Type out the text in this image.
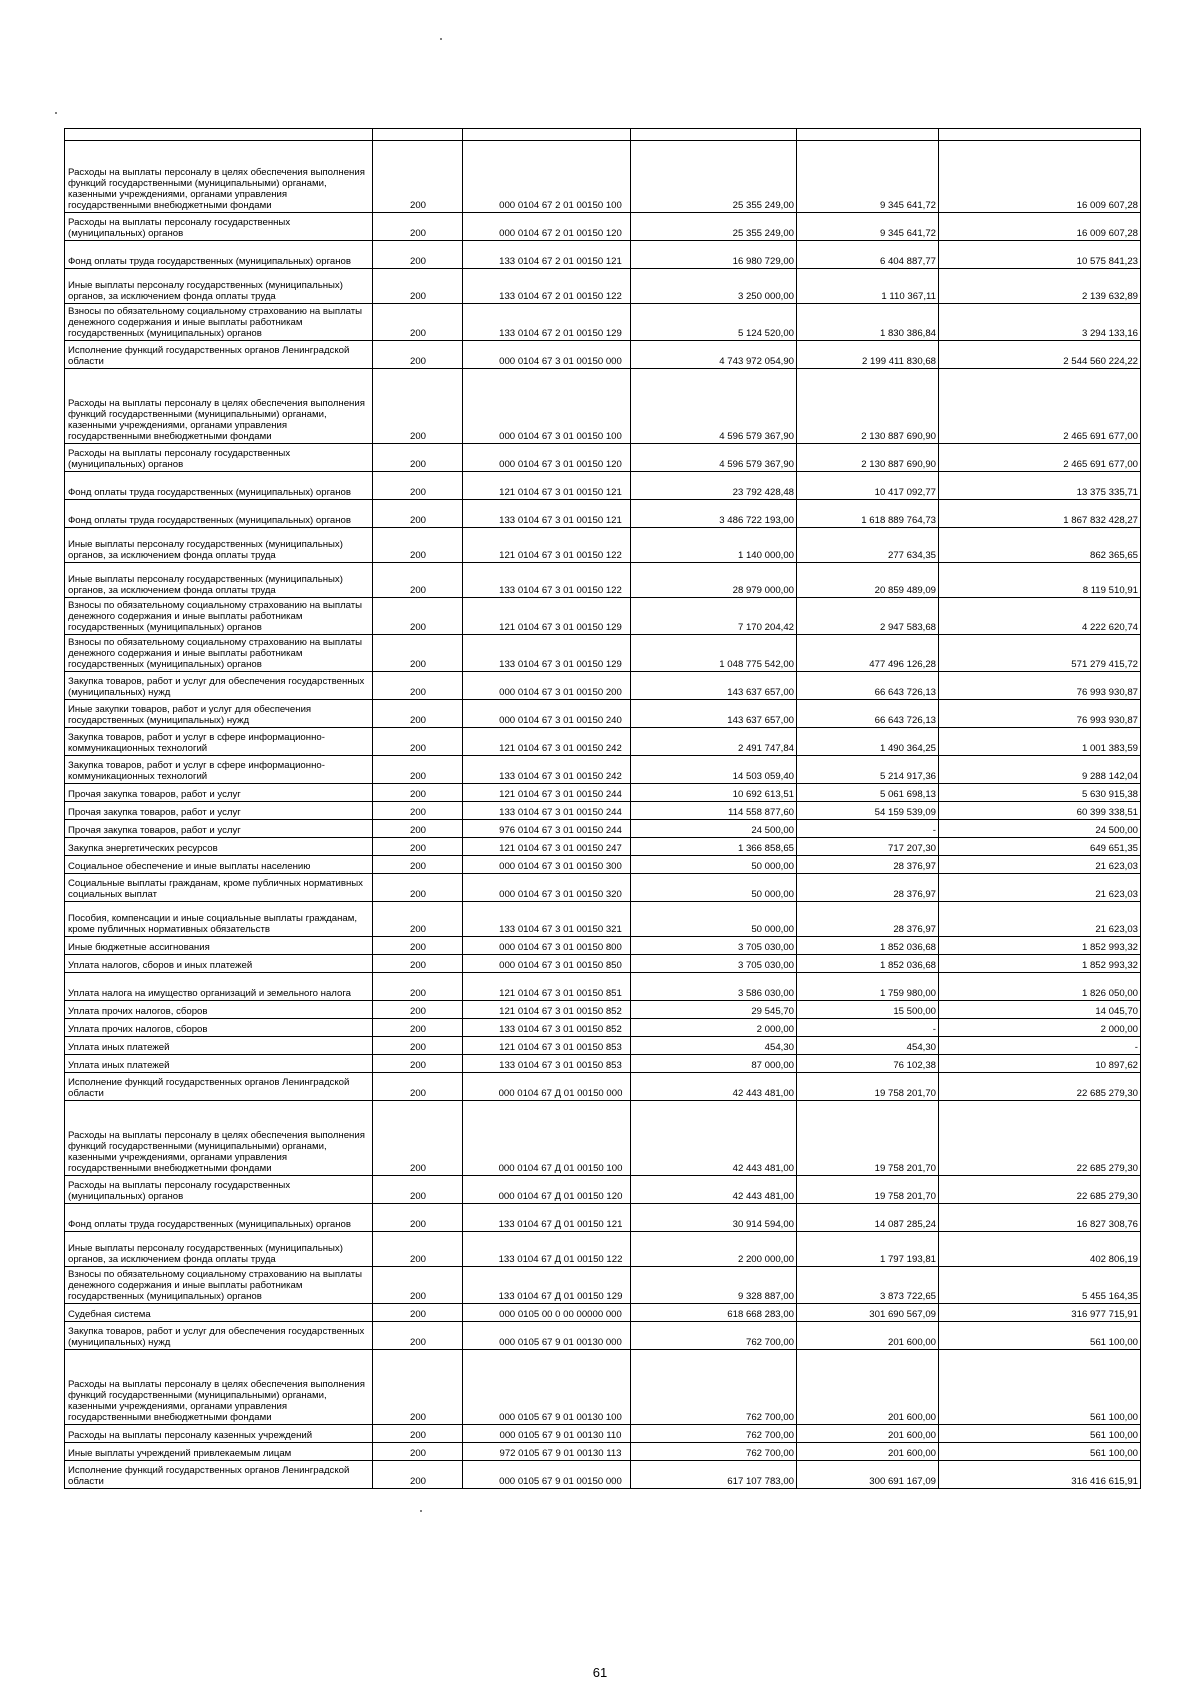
Расходы на выплаты персоналу в целях обеспечения выполнения функций государственными (муниципальными) органами, казенными учреждениями, органами управления государственными внебюджетными фондами	200	000 0104 67 2 01 00150 100	25 355 249,00	9 345 641,72	16 009 607,28
Расходы на выплаты персоналу государственных (муниципальных) органов	200	000 0104 67 2 01 00150 120	25 355 249,00	9 345 641,72	16 009 607,28
Фонд оплаты труда государственных (муниципальных) органов	200	133 0104 67 2 01 00150 121	16 980 729,00	6 404 887,77	10 575 841,23
Иные выплаты персоналу государственных (муниципальных) органов, за исключением фонда оплаты труда	200	133 0104 67 2 01 00150 122	3 250 000,00	1 110 367,11	2 139 632,89
Взносы по обязательному социальному страхованию на выплаты денежного содержания и иные выплаты работникам государственных (муниципальных) органов	200	133 0104 67 2 01 00150 129	5 124 520,00	1 830 386,84	3 294 133,16
Исполнение функций государственных органов Ленинградской области	200	000 0104 67 3 01 00150 000	4 743 972 054,90	2 199 411 830,68	2 544 560 224,22
Расходы на выплаты персоналу в целях обеспечения выполнения функций государственными (муниципальными) органами, казенными учреждениями, органами управления государственными внебюджетными фондами	200	000 0104 67 3 01 00150 100	4 596 579 367,90	2 130 887 690,90	2 465 691 677,00
Расходы на выплаты персоналу государственных (муниципальных) органов	200	000 0104 67 3 01 00150 120	4 596 579 367,90	2 130 887 690,90	2 465 691 677,00
Фонд оплаты труда государственных (муниципальных) органов	200	121 0104 67 3 01 00150 121	23 792 428,48	10 417 092,77	13 375 335,71
Фонд оплаты труда государственных (муниципальных) органов	200	133 0104 67 3 01 00150 121	3 486 722 193,00	1 618 889 764,73	1 867 832 428,27
Иные выплаты персоналу государственных (муниципальных) органов, за исключением фонда оплаты труда	200	121 0104 67 3 01 00150 122	1 140 000,00	277 634,35	862 365,65
Иные выплаты персоналу государственных (муниципальных) органов, за исключением фонда оплаты труда	200	133 0104 67 3 01 00150 122	28 979 000,00	20 859 489,09	8 119 510,91
Взносы по обязательному социальному страхованию на выплаты денежного содержания и иные выплаты работникам государственных (муниципальных) органов	200	121 0104 67 3 01 00150 129	7 170 204,42	2 947 583,68	4 222 620,74
Взносы по обязательному социальному страхованию на выплаты денежного содержания и иные выплаты работникам государственных (муниципальных) органов	200	133 0104 67 3 01 00150 129	1 048 775 542,00	477 496 126,28	571 279 415,72
Закупка товаров, работ и услуг для обеспечения государственных (муниципальных) нужд	200	000 0104 67 3 01 00150 200	143 637 657,00	66 643 726,13	76 993 930,87
Иные закупки товаров, работ и услуг для обеспечения государственных (муниципальных) нужд	200	000 0104 67 3 01 00150 240	143 637 657,00	66 643 726,13	76 993 930,87
Закупка товаров, работ и услуг в сфере информационно-коммуникационных технологий	200	121 0104 67 3 01 00150 242	2 491 747,84	1 490 364,25	1 001 383,59
Закупка товаров, работ и услуг в сфере информационно-коммуникационных технологий	200	133 0104 67 3 01 00150 242	14 503 059,40	5 214 917,36	9 288 142,04
Прочая закупка товаров, работ и услуг	200	121 0104 67 3 01 00150 244	10 692 613,51	5 061 698,13	5 630 915,38
Прочая закупка товаров, работ и услуг	200	133 0104 67 3 01 00150 244	114 558 877,60	54 159 539,09	60 399 338,51
Прочая закупка товаров, работ и услуг	200	976 0104 67 3 01 00150 244	24 500,00	-	24 500,00
Закупка энергетических ресурсов	200	121 0104 67 3 01 00150 247	1 366 858,65	717 207,30	649 651,35
Социальное обеспечение и иные выплаты населению	200	000 0104 67 3 01 00150 300	50 000,00	28 376,97	21 623,03
Социальные выплаты гражданам, кроме публичных нормативных социальных выплат	200	000 0104 67 3 01 00150 320	50 000,00	28 376,97	21 623,03
Пособия, компенсации и иные социальные выплаты гражданам, кроме публичных нормативных обязательств	200	133 0104 67 3 01 00150 321	50 000,00	28 376,97	21 623,03
Иные бюджетные ассигнования	200	000 0104 67 3 01 00150 800	3 705 030,00	1 852 036,68	1 852 993,32
Уплата налогов, сборов и иных платежей	200	000 0104 67 3 01 00150 850	3 705 030,00	1 852 036,68	1 852 993,32
Уплата налога на имущество организаций и земельного налога	200	121 0104 67 3 01 00150 851	3 586 030,00	1 759 980,00	1 826 050,00
Уплата прочих налогов, сборов	200	121 0104 67 3 01 00150 852	29 545,70	15 500,00	14 045,70
Уплата прочих налогов, сборов	200	133 0104 67 3 01 00150 852	2 000,00	-	2 000,00
Уплата иных платежей	200	121 0104 67 3 01 00150 853	454,30	454,30	-
Уплата иных платежей	200	133 0104 67 3 01 00150 853	87 000,00	76 102,38	10 897,62
Исполнение функций государственных органов Ленинградской области	200	000 0104 67 Д 01 00150 000	42 443 481,00	19 758 201,70	22 685 279,30
Расходы на выплаты персоналу в целях обеспечения выполнения функций государственными (муниципальными) органами, казенными учреждениями, органами управления государственными внебюджетными фондами	200	000 0104 67 Д 01 00150 100	42 443 481,00	19 758 201,70	22 685 279,30
Расходы на выплаты персоналу государственных (муниципальных) органов	200	000 0104 67 Д 01 00150 120	42 443 481,00	19 758 201,70	22 685 279,30
Фонд оплаты труда государственных (муниципальных) органов	200	133 0104 67 Д 01 00150 121	30 914 594,00	14 087 285,24	16 827 308,76
Иные выплаты персоналу государственных (муниципальных) органов, за исключением фонда оплаты труда	200	133 0104 67 Д 01 00150 122	2 200 000,00	1 797 193,81	402 806,19
Взносы по обязательному социальному страхованию на выплаты денежного содержания и иные выплаты работникам государственных (муниципальных) органов	200	133 0104 67 Д 01 00150 129	9 328 887,00	3 873 722,65	5 455 164,35
Судебная система	200	000 0105 00 0 00 00000 000	618 668 283,00	301 690 567,09	316 977 715,91
Закупка товаров, работ и услуг для обеспечения государственных (муниципальных) нужд	200	000 0105 67 9 01 00130 000	762 700,00	201 600,00	561 100,00
Расходы на выплаты персоналу в целях обеспечения выполнения функций государственными (муниципальными) органами, казенными учреждениями, органами управления государственными внебюджетными фондами	200	000 0105 67 9 01 00130 100	762 700,00	201 600,00	561 100,00
Расходы на выплаты персоналу казенных учреждений	200	000 0105 67 9 01 00130 110	762 700,00	201 600,00	561 100,00
Иные выплаты учреждений привлекаемым лицам	200	972 0105 67 9 01 00130 113	762 700,00	201 600,00	561 100,00
Исполнение функций государственных органов Ленинградской области	200	000 0105 67 9 01 00150 000	617 107 783,00	300 691 167,09	316 416 615,91
61
